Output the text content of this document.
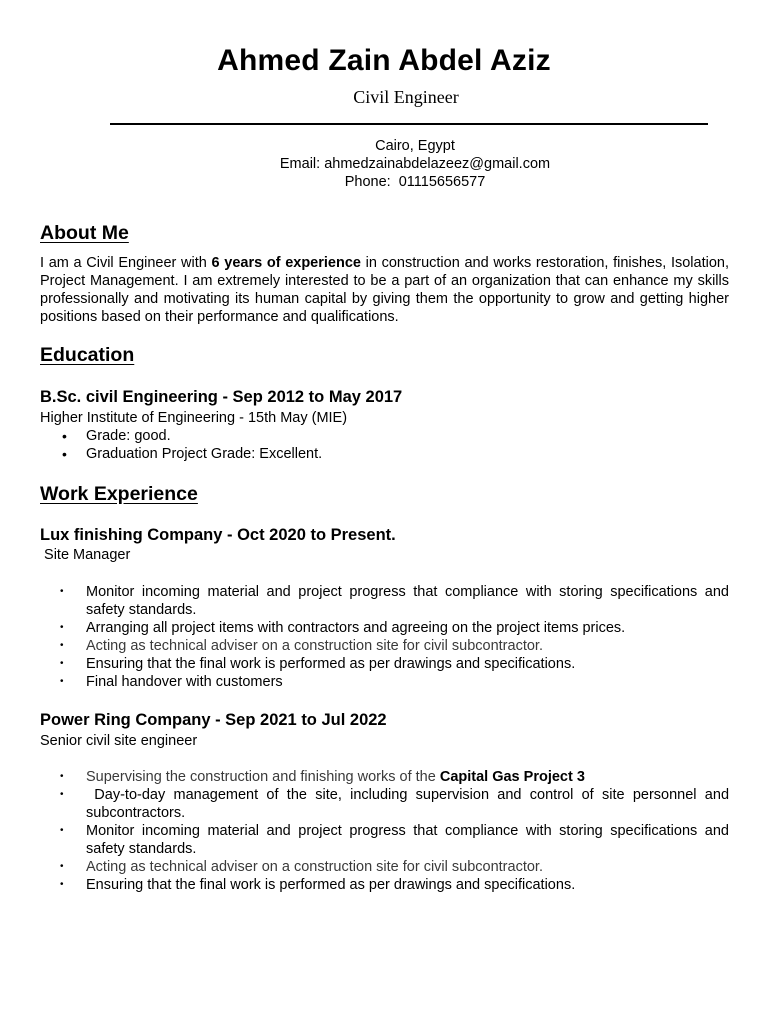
Ahmed Zain Abdel Aziz
Civil Engineer
Cairo, Egypt
Email: ahmedzainabdelazeez@gmail.com
Phone:  01115656577
About Me
I am a Civil Engineer with 6 years of experience in construction and works restoration, finishes, Isolation, Project Management. I am extremely interested to be a part of an organization that can enhance my skills professionally and motivating its human capital by giving them the opportunity to grow and getting higher positions based on their performance and qualifications.
Education
B.Sc. civil Engineering - Sep 2012 to May 2017
Higher Institute of Engineering - 15th May (MIE)
• Grade: good.
• Graduation Project Grade: Excellent.
Work Experience
Lux finishing Company - Oct 2020 to Present.
Site Manager
• Monitor incoming material and project progress that compliance with storing specifications and safety standards.
• Arranging all project items with contractors and agreeing on the project items prices.
• Acting as technical adviser on a construction site for civil subcontractor.
• Ensuring that the final work is performed as per drawings and specifications.
• Final handover with customers
Power Ring Company - Sep 2021 to Jul 2022
Senior civil site engineer
• Supervising the construction and finishing works of the Capital Gas Project 3
• Day-to-day management of the site, including supervision and control of site personnel and subcontractors.
• Monitor incoming material and project progress that compliance with storing specifications and safety standards.
• Acting as technical adviser on a construction site for civil subcontractor.
• Ensuring that the final work is performed as per drawings and specifications.
